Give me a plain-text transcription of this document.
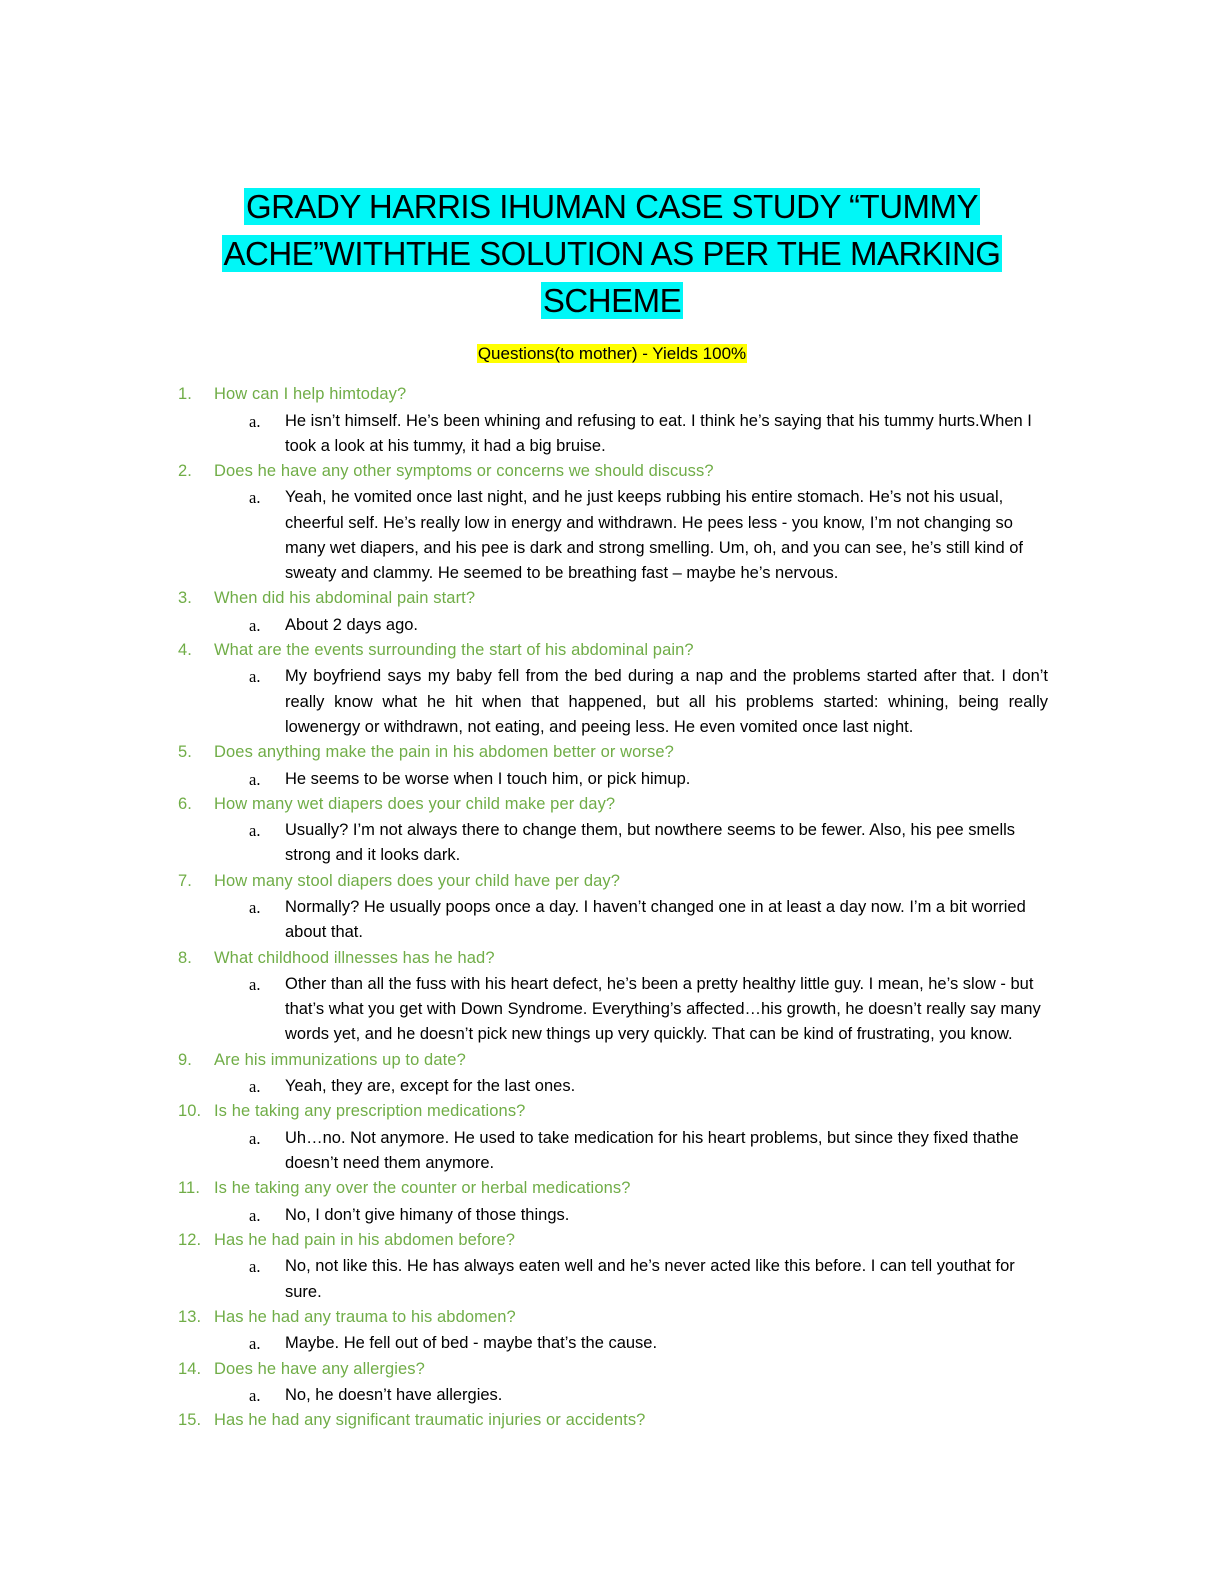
GRADY HARRIS IHUMAN CASE STUDY “TUMMY
ACHE”WITHTHE SOLUTION AS PER THE MARKING
SCHEME
Questions(to mother) - Yields 100%
1. How can I help himtoday?
a. He isn’t himself. He’s been whining and refusing to eat. I think he’s saying that his tummy hurts.When I took a look at his tummy, it had a big bruise.
2. Does he have any other symptoms or concerns we should discuss?
a. Yeah, he vomited once last night, and he just keeps rubbing his entire stomach. He’s not his usual, cheerful self. He’s really low in energy and withdrawn. He pees less - you know, I’m not changing so many wet diapers, and his pee is dark and strong smelling. Um, oh, and you can see, he’s still kind of sweaty and clammy. He seemed to be breathing fast – maybe he’s nervous.
3. When did his abdominal pain start?
a. About 2 days ago.
4. What are the events surrounding the start of his abdominal pain?
a. My boyfriend says my baby fell from the bed during a nap and the problems started after that. I don’t really know what he hit when that happened, but all his problems started: whining, being really lowenergy or withdrawn, not eating, and peeing less. He even vomited once last night.
5. Does anything make the pain in his abdomen better or worse?
a. He seems to be worse when I touch him, or pick himup.
6. How many wet diapers does your child make per day?
a. Usually? I’m not always there to change them, but nowthere seems to be fewer. Also, his pee smells strong and it looks dark.
7. How many stool diapers does your child have per day?
a. Normally? He usually poops once a day. I haven’t changed one in at least a day now. I’m a bit worried about that.
8. What childhood illnesses has he had?
a. Other than all the fuss with his heart defect, he’s been a pretty healthy little guy. I mean, he’s slow - but that’s what you get with Down Syndrome. Everything’s affected…his growth, he doesn’t really say many words yet, and he doesn’t pick new things up very quickly. That can be kind of frustrating, you know.
9. Are his immunizations up to date?
a. Yeah, they are, except for the last ones.
10. Is he taking any prescription medications?
a. Uh…no. Not anymore. He used to take medication for his heart problems, but since they fixed thathe doesn’t need them anymore.
11. Is he taking any over the counter or herbal medications?
a. No, I don’t give himany of those things.
12. Has he had pain in his abdomen before?
a. No, not like this. He has always eaten well and he’s never acted like this before. I can tell youthat for sure.
13. Has he had any trauma to his abdomen?
a. Maybe. He fell out of bed - maybe that’s the cause.
14. Does he have any allergies?
a. No, he doesn’t have allergies.
15. Has he had any significant traumatic injuries or accidents?
